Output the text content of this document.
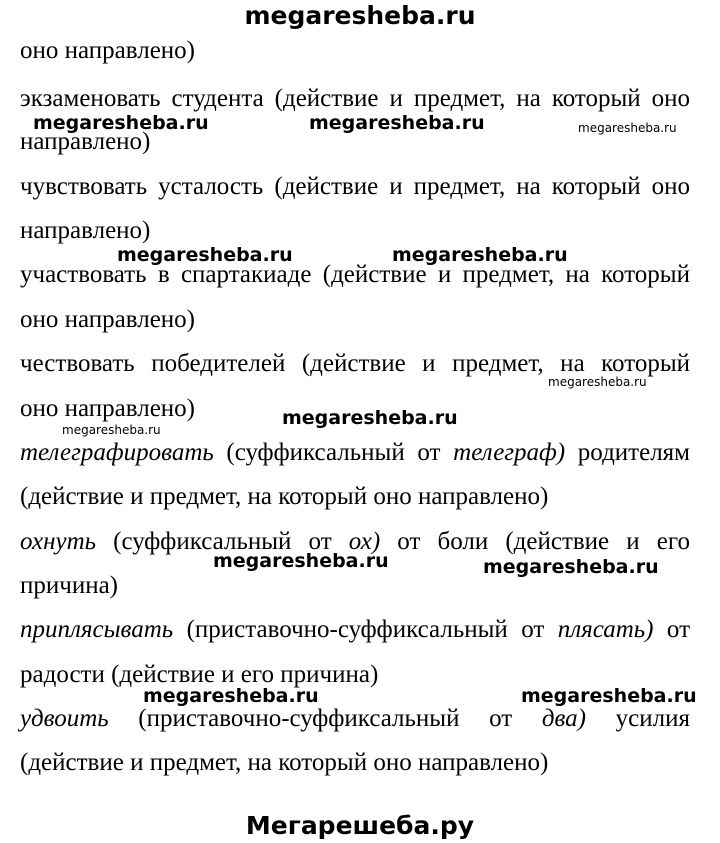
megaresheba.ru
оно направлено)
экзаменовать студента (действие и предмет, на который оно
направлено)
чувствовать усталость (действие и предмет, на который оно
направлено)
участвовать в спартакиаде (действие и предмет, на который
оно направлено)
чествовать победителей (действие и предмет, на который
оно направлено)
телеграфировать (суффиксальный от телеграф) родителям
(действие и предмет, на который оно направлено)
охнуть (суффиксальный от ох) от боли (действие и его
причина)
приплясывать (приставочно-суффиксальный от плясать) от
радости (действие и его причина)
удвоить (приставочно-суффиксальный от два) усилия
(действие и предмет, на который оно направлено)
megaresheba.ru	megaresheba.ru	megaresheba.ru
megaresheba.ru	megaresheba.ru
megaresheba.ru
megaresheba.ru
megaresheba.ru
megaresheba.ru	megaresheba.ru
megaresheba.ru	megaresheba.ru
Мегарешеба.ру
